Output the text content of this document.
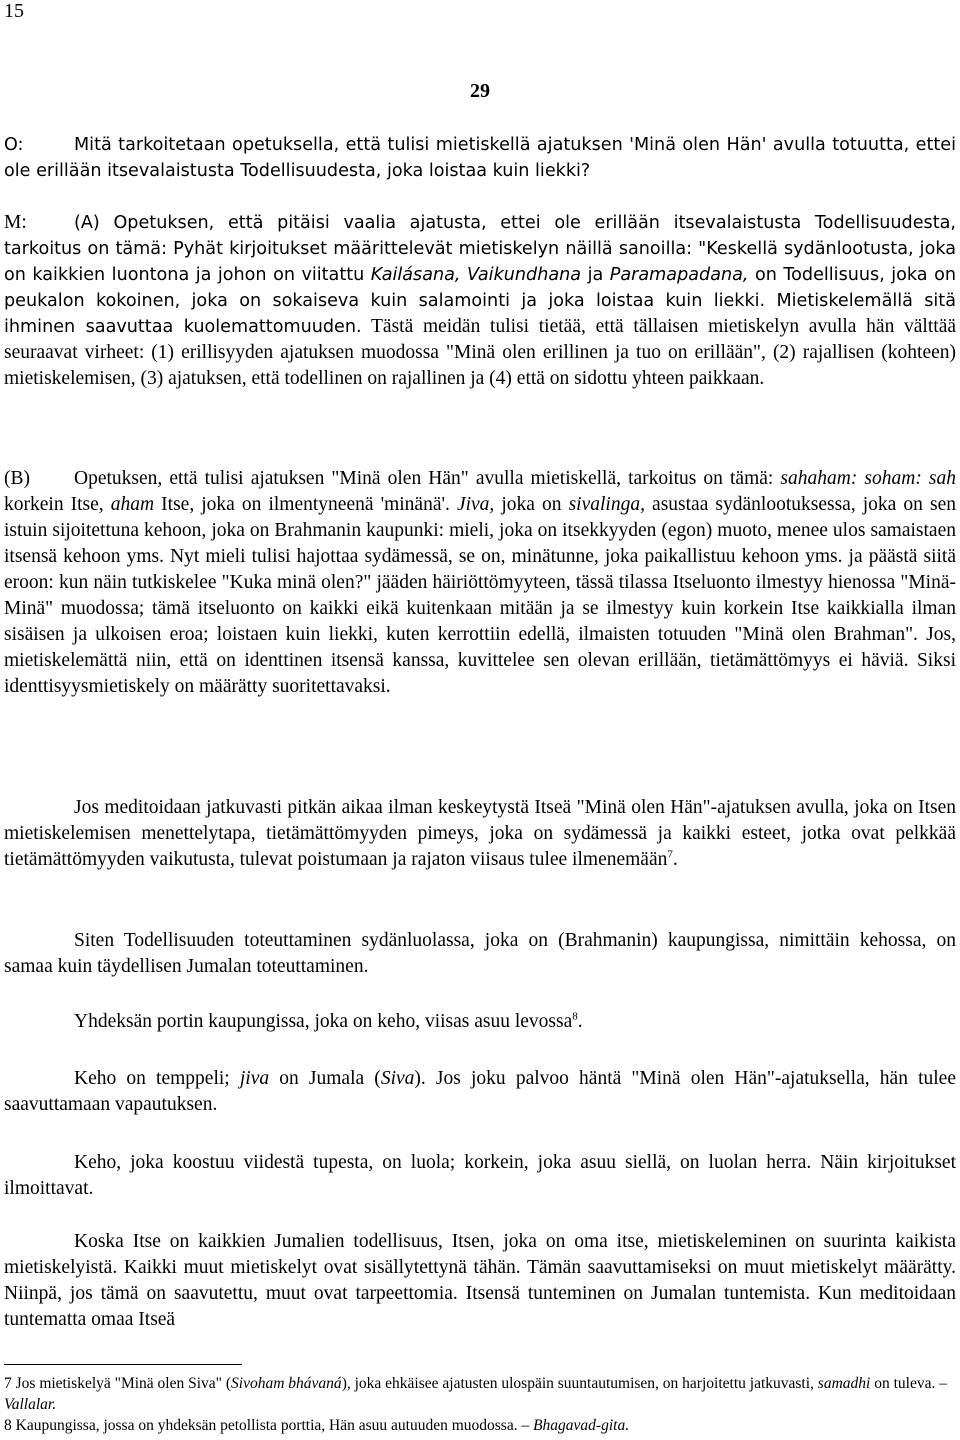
15
29

O:	Mitä tarkoitetaan opetuksella, että tulisi mietiskellä ajatuksen 'Minä olen Hän' avulla totuutta, ettei ole erillään itsevalaistusta Todellisuudesta, joka loistaa kuin liekki?

M:	(A) Opetuksen, että pitäisi vaalia ajatusta, ettei ole erillään itsevalaistusta Todellisuudesta, tarkoitus on tämä: Pyhät kirjoitukset määrittelevät mietiskelyn näillä sanoilla: "Keskellä sydänlootusta, joka on kaikkien luontona ja johon on viitattu Kailásana, Vaikundhana ja Paramapadana, on Todellisuus, joka on peukalon kokoinen, joka on sokaiseva kuin salamointi ja joka loistaa kuin liekki. Mietiskelemällä sitä ihminen saavuttaa kuolemattomuuden. Tästä meidän tulisi tietää, että tällaisen mietiskelyn avulla hän välttää seuraavat virheet: (1) erillisyyden ajatuksen muodossa "Minä olen erillinen ja tuo on erillään", (2) rajallisen (kohteen) mietiskelemisen, (3) ajatuksen, että todellinen on rajallinen ja (4) että on sidottu yhteen paikkaan.

(B) Opetuksen, että tulisi ajatuksen "Minä olen Hän" avulla mietiskellä, tarkoitus on tämä: sahaham: soham: sah korkein Itse, aham Itse, joka on ilmentyneenä 'minänä'. Jiva, joka on sivalinga, asustaa sydänlootuksessa, joka on sen istuin sijoitettuna kehoon, joka on Brahmanin kaupunki: mieli, joka on itsekkyyden (egon) muoto, menee ulos samaistaen itsensä kehoon yms. Nyt mieli tulisi hajottaa sydämessä, se on, minätunne, joka paikallistuu kehoon yms. ja päästä siitä eroon: kun näin tutkiskelee "Kuka minä olen?" jääden häiriöttömyyteen, tässä tilassa Itseluonto ilmestyy hienossa "Minä-Minä" muodossa; tämä itseluonto on kaikki eikä kuitenkaan mitään ja se ilmestyy kuin korkein Itse kaikkialla ilman sisäisen ja ulkoisen eroa; loistaen kuin liekki, kuten kerrottiin edellä, ilmaisten totuuden "Minä olen Brahman". Jos, mietiskelemättä niin, että on identtinen itsensä kanssa, kuvittelee sen olevan erillään, tietämättömyys ei häviä. Siksi identtisyysmietiskely on määrätty suoritettavaksi.

Jos meditoidaan jatkuvasti pitkän aikaa ilman keskeytystä Itseä "Minä olen Hän"-ajatuksen avulla, joka on Itsen mietiskelemisen menettelytapa, tietämättömyyden pimeys, joka on sydämessä ja kaikki esteet, jotka ovat pelkkää tietämättömyyden vaikutusta, tulevat poistumaan ja rajaton viisaus tulee ilmenemään$^7$.

Siten Todellisuuden toteuttaminen sydänluolassa, joka on (Brahmanin) kaupungissa, nimittäin kehossa, on samaa kuin täydellisen Jumalan toteuttaminen.

Yhdeksän portin kaupungissa, joka on keho, viisas asuu levossa$^8$.

Keho on temppeli; jiva on Jumala (Siva). Jos joku palvoo häntä "Minä olen Hän"-ajatuksella, hän tulee saavuttamaan vapautuksen.

Keho, joka koostuu viidestä tupesta, on luola; korkein, joka asuu siellä, on luolan herra. Näin kirjoitukset ilmoittavat.

Koska Itse on kaikkien Jumalien todellisuus, Itsen, joka on oma itse, mietiskeleminen on suurinta kaikista mietiskelyistä. Kaikki muut mietiskelyt ovat sisällytettynä tähän. Tämän saavuttamiseksi on muut mietiskelyt määrätty. Niinpä, jos tämä on saavutettu, muut ovat tarpeettomia. Itsensä tunteminen on Jumalan tuntemista. Kun meditoidaan tuntematta omaa Itseä

7 Jos mietiskelyä "Minä olen Siva" (Sivoham bhávaná), joka ehkäisee ajatusten ulospäin suuntautumisen, on harjoitettu jatkuvasti, samadhi on tuleva. – Vallalar.

8 Kaupungissa, jossa on yhdeksän petollista porttia, Hän asuu autuuden muodossa. – Bhagavad-gita.
